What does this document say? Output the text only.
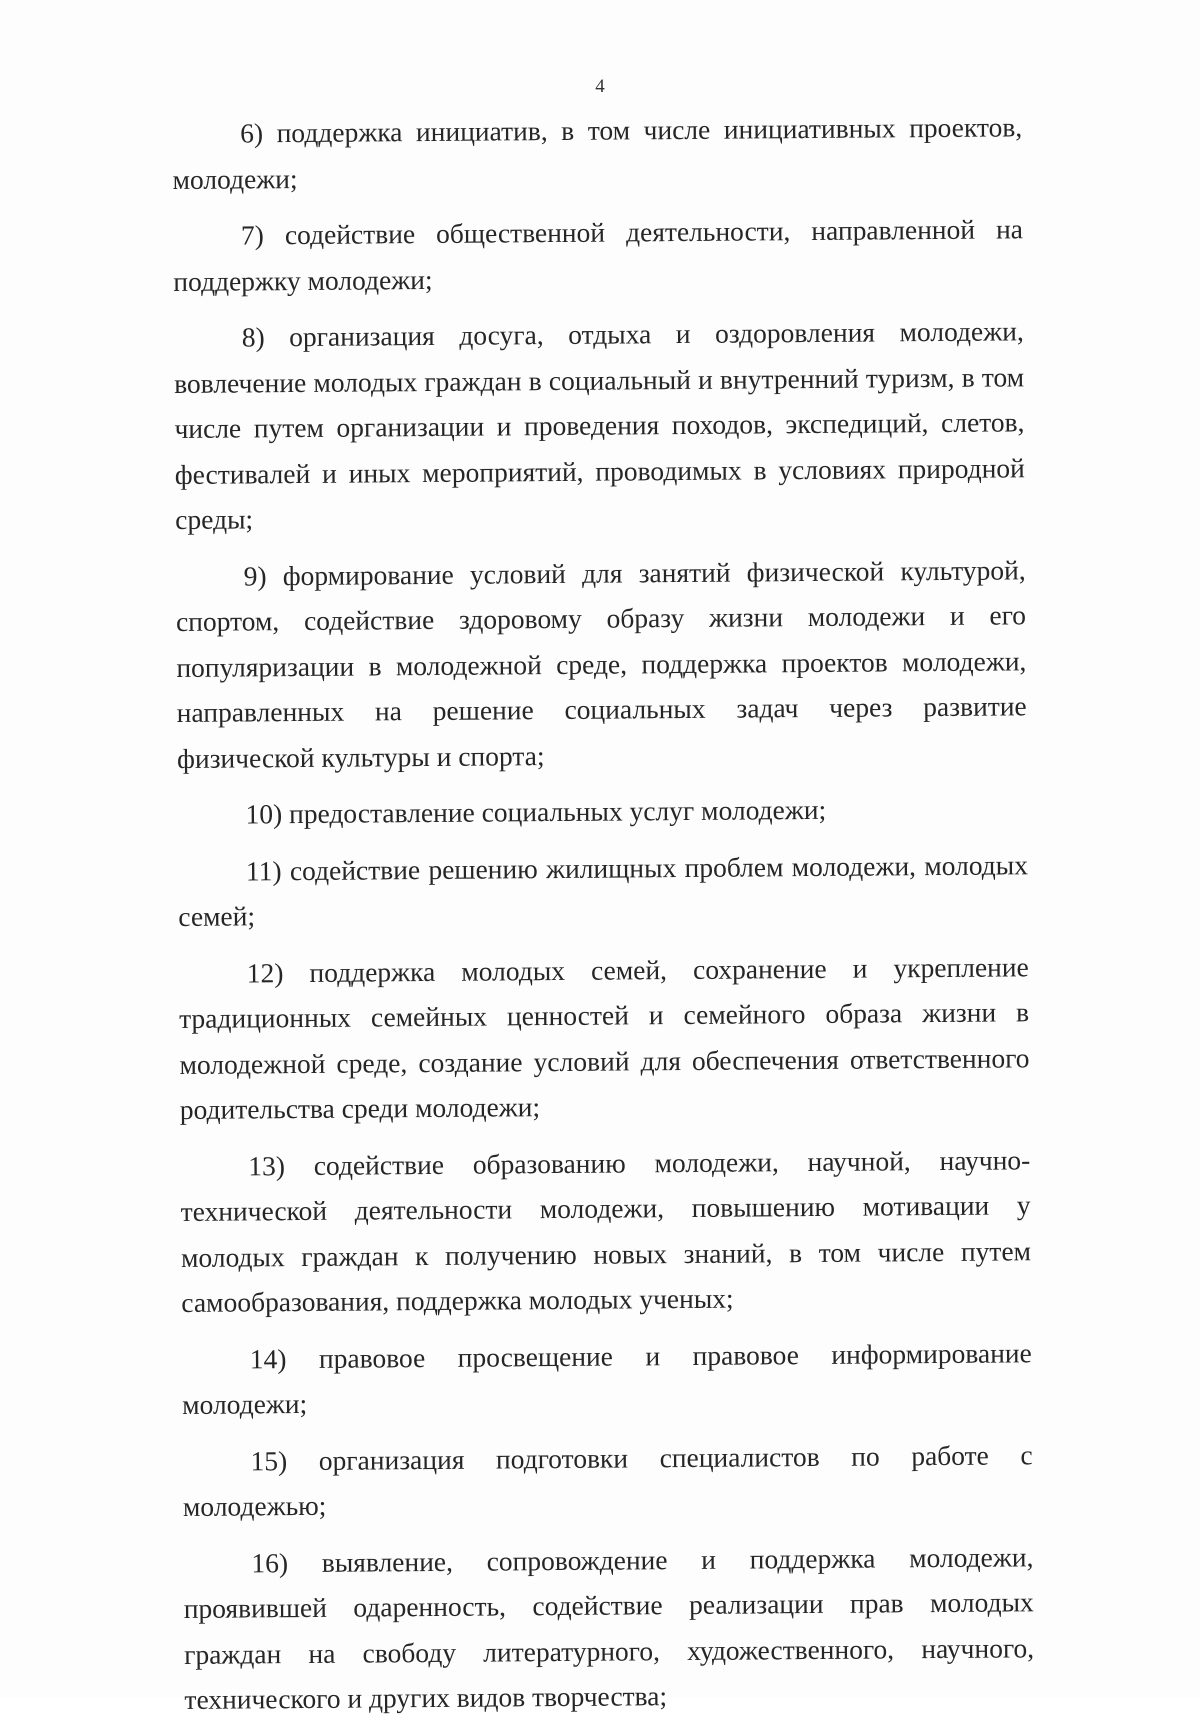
4

6) поддержка инициатив, в том числе инициативных проектов, молодежи;

7) содействие общественной деятельности, направленной на поддержку молодежи;

8) организация досуга, отдыха и оздоровления молодежи, вовлечение молодых граждан в социальный и внутренний туризм, в том числе путем организации и проведения походов, экспедиций, слетов, фестивалей и иных мероприятий, проводимых в условиях природной среды;

9) формирование условий для занятий физической культурой, спортом, содействие здоровому образу жизни молодежи и его популяризации в молодежной среде, поддержка проектов молодежи, направленных на решение социальных задач через развитие физической культуры и спорта;

10) предоставление социальных услуг молодежи;

11) содействие решению жилищных проблем молодежи, молодых семей;

12) поддержка молодых семей, сохранение и укрепление традиционных семейных ценностей и семейного образа жизни в молодежной среде, создание условий для обеспечения ответственного родительства среди молодежи;

13) содействие образованию молодежи, научной, научно-технической деятельности молодежи, повышению мотивации у молодых граждан к получению новых знаний, в том числе путем самообразования, поддержка молодых ученых;

14) правовое просвещение и правовое информирование молодежи;

15) организация подготовки специалистов по работе с молодежью;

16) выявление, сопровождение и поддержка молодежи, проявившей одаренность, содействие реализации прав молодых граждан на свободу литературного, художественного, научного, технического и других видов творчества;
